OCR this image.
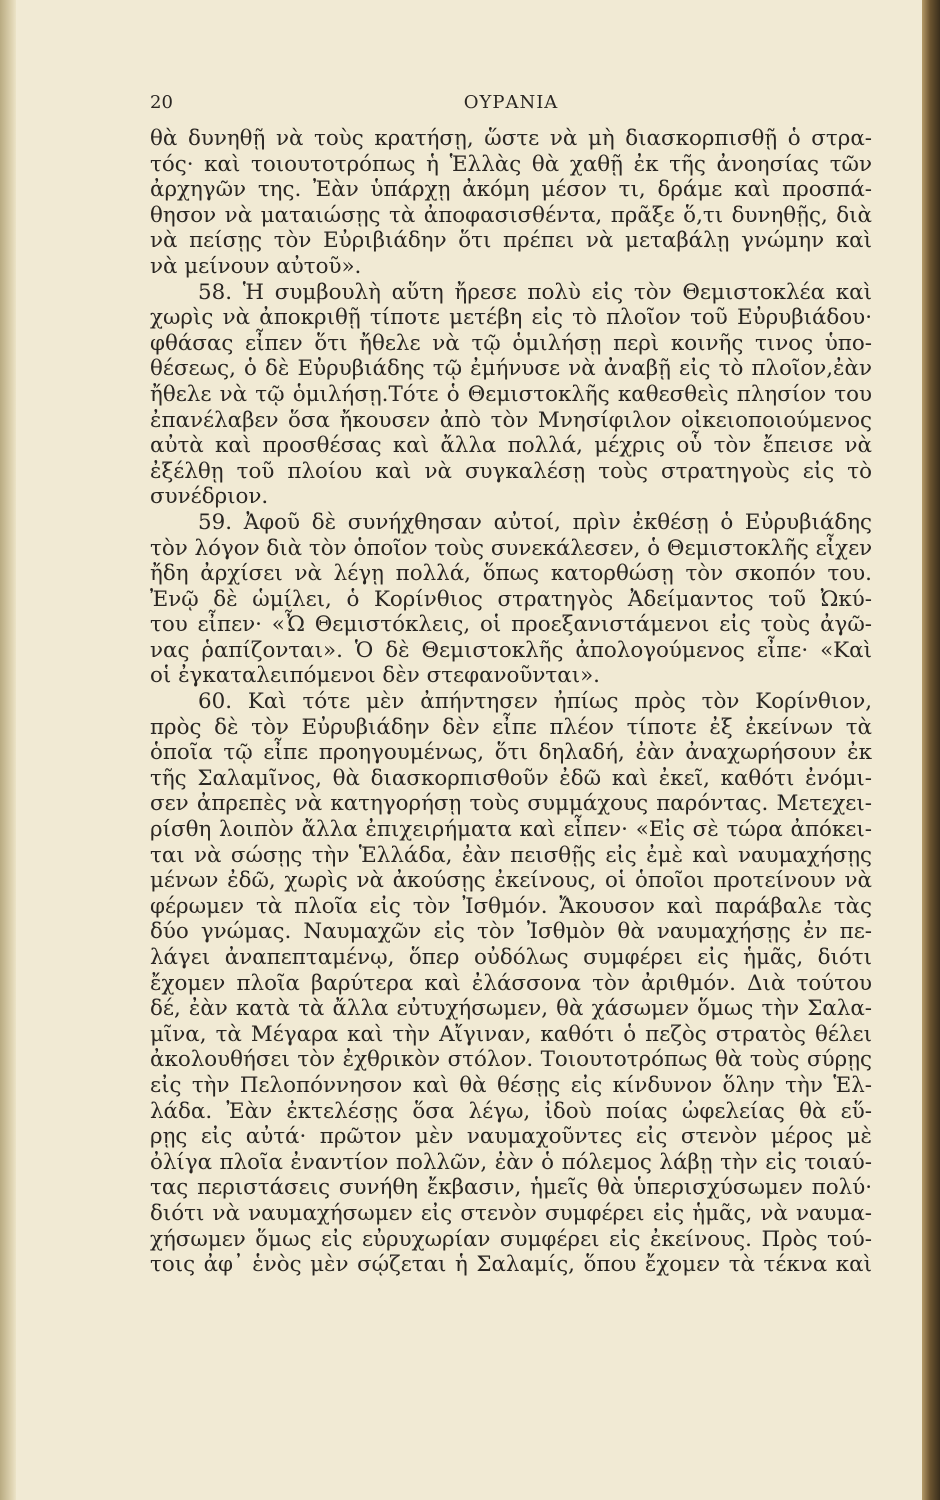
20	ΟΥΡΑΝΙΑ
θὰ δυνηθῇ νὰ τοὺς κρατήσῃ, ὥστε νὰ μὴ διασκορπισθῇ ὁ στρα-
τός· καὶ τοιουτοτρόπως ἡ Ἑλλὰς θὰ χαθῇ ἐκ τῆς ἀνοησίας τῶν
ἀρχηγῶν της. Ἐὰν ὑπάρχῃ ἀκόμη μέσον τι, δράμε καὶ προσπά-
θησον νὰ ματαιώσῃς τὰ ἀποφασισθέντα, πρᾶξε ὅ,τι δυνηθῇς, διὰ
νὰ πείσῃς τὸν Εὐριβιάδην ὅτι πρέπει νὰ μεταβάλῃ γνώμην καὶ
νὰ μείνουν αὐτοῦ».
58. Ἡ συμβουλὴ αὕτη ἤρεσε πολὺ εἰς τὸν Θεμιστοκλέα καὶ
χωρὶς νὰ ἀποκριθῇ τίποτε μετέβη εἰς τὸ πλοῖον τοῦ Εὐρυβιάδου·
φθάσας εἶπεν ὅτι ἤθελε νὰ τῷ ὁμιλήσῃ περὶ κοινῆς τινος ὑπο-
θέσεως, ὁ δὲ Εὐρυβιάδης τῷ ἐμήνυσε νὰ ἀναβῇ εἰς τὸ πλοῖον,ἐὰν
ἤθελε νὰ τῷ ὁμιλήσῃ.Τότε ὁ Θεμιστοκλῆς καθεσθεὶς πλησίον του
ἐπανέλαβεν ὅσα ἤκουσεν ἀπὸ τὸν Μνησίφιλον οἰκειοποιούμενος
αὐτὰ καὶ προσθέσας καὶ ἄλλα πολλά, μέχρις οὗ τὸν ἔπεισε νὰ
ἐξέλθῃ τοῦ πλοίου καὶ νὰ συγκαλέσῃ τοὺς στρατηγοὺς εἰς τὸ
συνέδριον.
59. Ἀφοῦ δὲ συνήχθησαν αὐτοί, πρὶν ἐκθέσῃ ὁ Εὐρυβιάδης
τὸν λόγον διὰ τὸν ὁποῖον τοὺς συνεκάλεσεν, ὁ Θεμιστοκλῆς εἶχεν
ἤδη ἀρχίσει νὰ λέγῃ πολλά, ὅπως κατορθώσῃ τὸν σκοπόν του.
Ἐνῷ δὲ ὡμίλει, ὁ Κορίνθιος στρατηγὸς Ἀδείμαντος τοῦ Ὠκύ-
του εἶπεν· «Ὦ Θεμιστόκλεις, οἱ προεξανιστάμενοι εἰς τοὺς ἀγῶ-
νας ῥαπίζονται». Ὁ δὲ Θεμιστοκλῆς ἀπολογούμενος εἶπε· «Καὶ
οἱ ἐγκαταλειπόμενοι δὲν στεφανοῦνται».
60. Καὶ τότε μὲν ἀπήντησεν ἠπίως πρὸς τὸν Κορίνθιον,
πρὸς δὲ τὸν Εὐρυβιάδην δὲν εἶπε πλέον τίποτε ἐξ ἐκείνων τὰ
ὁποῖα τῷ εἶπε προηγουμένως, ὅτι δηλαδή, ἐὰν ἀναχωρήσουν ἐκ
τῆς Σαλαμῖνος, θὰ διασκορπισθοῦν ἐδῶ καὶ ἐκεῖ, καθότι ἐνόμι-
σεν ἀπρεπὲς νὰ κατηγορήσῃ τοὺς συμμάχους παρόντας. Μετεχει-
ρίσθη λοιπὸν ἄλλα ἐπιχειρήματα καὶ εἶπεν· «Εἰς σὲ τώρα ἀπόκει-
ται νὰ σώσῃς τὴν Ἑλλάδα, ἐὰν πεισθῇς εἰς ἐμὲ καὶ ναυμαχήσῃς
μένων ἐδῶ, χωρὶς νὰ ἀκούσῃς ἐκείνους, οἱ ὁποῖοι προτείνουν νὰ
φέρωμεν τὰ πλοῖα εἰς τὸν Ἰσθμόν. Ἄκουσον καὶ παράβαλε τὰς
δύο γνώμας. Ναυμαχῶν εἰς τὸν Ἰσθμὸν θὰ ναυμαχήσῃς ἐν πε-
λάγει ἀναπεπταμένῳ, ὅπερ οὐδόλως συμφέρει εἰς ἡμᾶς, διότι
ἔχομεν πλοῖα βαρύτερα καὶ ἐλάσσονα τὸν ἀριθμόν. Διὰ τούτου
δέ, ἐὰν κατὰ τὰ ἄλλα εὐτυχήσωμεν, θὰ χάσωμεν ὅμως τὴν Σαλα-
μῖνα, τὰ Μέγαρα καὶ τὴν Αἴγιναν, καθότι ὁ πεζὸς στρατὸς θέλει
ἀκολουθήσει τὸν ἐχθρικὸν στόλον. Τοιουτοτρόπως θὰ τοὺς σύρῃς
εἰς τὴν Πελοπόννησον καὶ θὰ θέσῃς εἰς κίνδυνον ὅλην τὴν Ἑλ-
λάδα. Ἐὰν ἐκτελέσῃς ὅσα λέγω, ἰδοὺ ποίας ὠφελείας θὰ εὕ-
ρῃς εἰς αὐτά· πρῶτον μὲν ναυμαχοῦντες εἰς στενὸν μέρος μὲ
ὀλίγα πλοῖα ἐναντίον πολλῶν, ἐὰν ὁ πόλεμος λάβῃ τὴν εἰς τοιαύ-
τας περιστάσεις συνήθη ἔκβασιν, ἡμεῖς θὰ ὑπερισχύσωμεν πολύ·
διότι νὰ ναυμαχήσωμεν εἰς στενὸν συμφέρει εἰς ἡμᾶς, νὰ ναυμα-
χήσωμεν ὅμως εἰς εὐρυχωρίαν συμφέρει εἰς ἐκείνους. Πρὸς τού-
τοις ἀφ᾽ ἑνὸς μὲν σῴζεται ἡ Σαλαμίς, ὅπου ἔχομεν τὰ τέκνα καὶ
